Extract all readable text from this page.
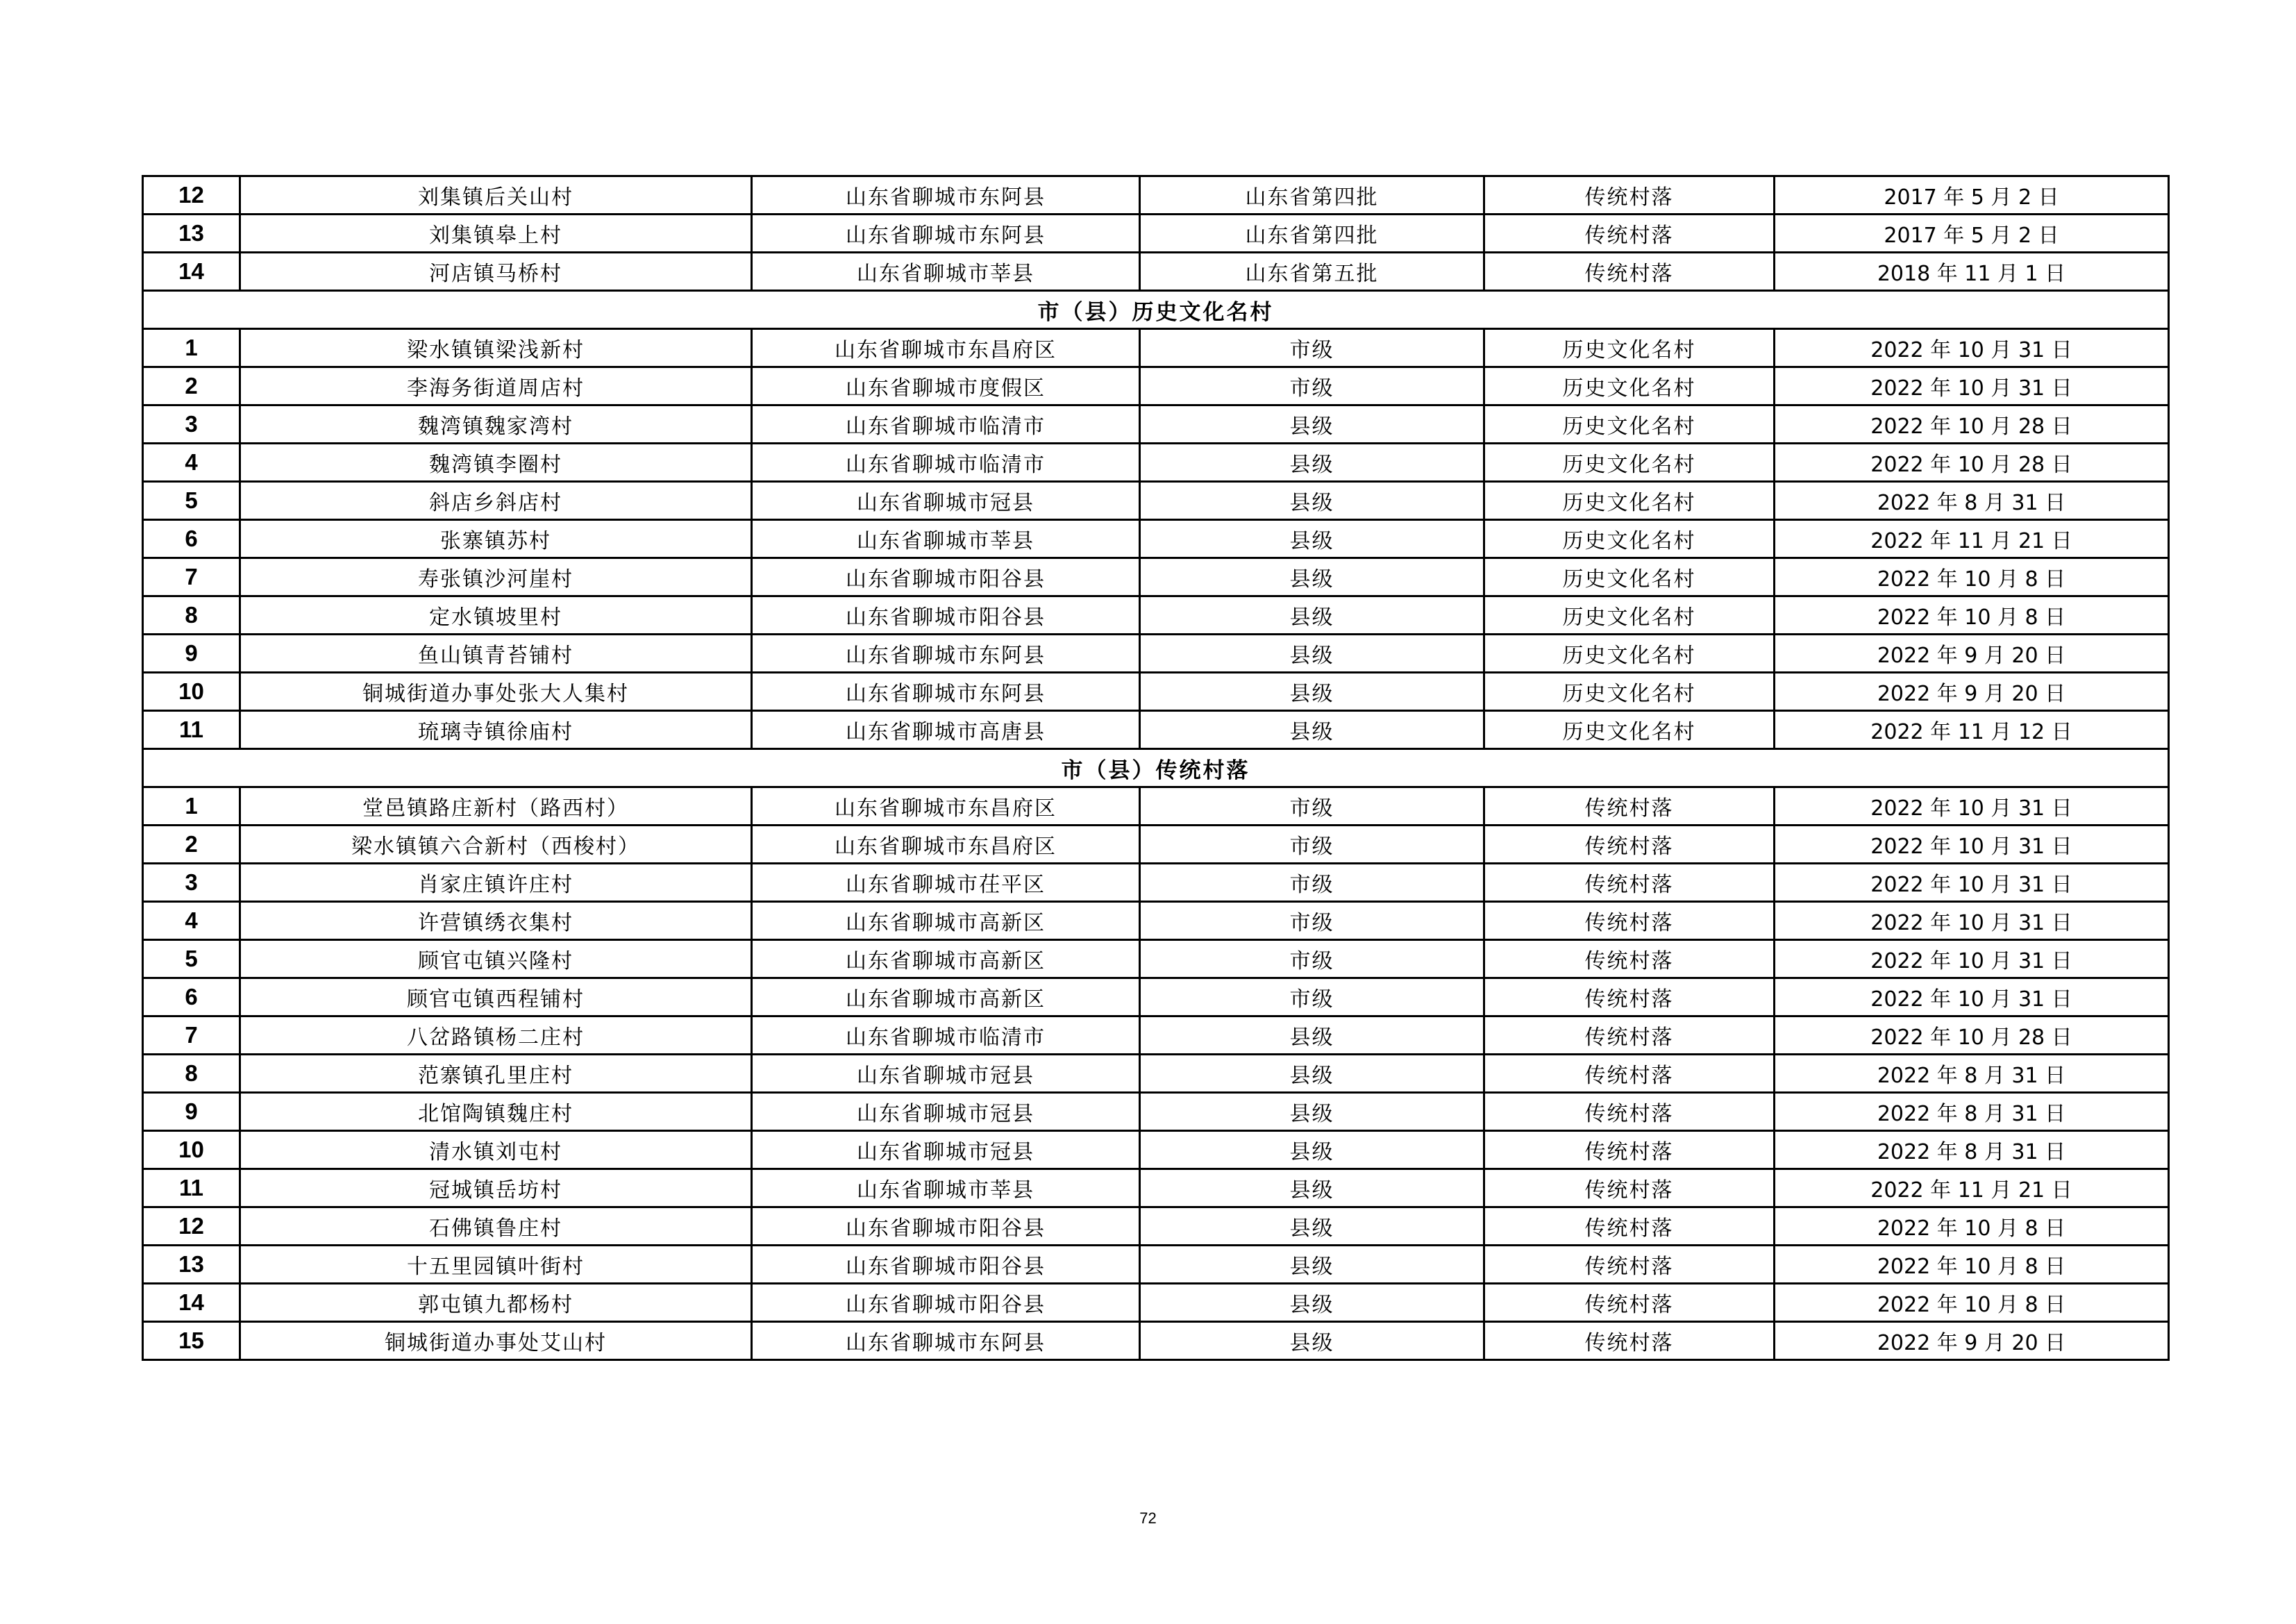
12	刘集镇后关山村	山东省聊城市东阿县	山东省第四批	传统村落	2017 年 5 月 2 日
13	刘集镇皋上村	山东省聊城市东阿县	山东省第四批	传统村落	2017 年 5 月 2 日
14	河店镇马桥村	山东省聊城市莘县	山东省第五批	传统村落	2018 年 11 月 1 日
市（县）历史文化名村					
1	梁水镇镇梁浅新村	山东省聊城市东昌府区	市级	历史文化名村	2022 年 10 月 31 日
2	李海务街道周店村	山东省聊城市度假区	市级	历史文化名村	2022 年 10 月 31 日
3	魏湾镇魏家湾村	山东省聊城市临清市	县级	历史文化名村	2022 年 10 月 28 日
4	魏湾镇李圈村	山东省聊城市临清市	县级	历史文化名村	2022 年 10 月 28 日
5	斜店乡斜店村	山东省聊城市冠县	县级	历史文化名村	2022 年 8 月 31 日
6	张寨镇苏村	山东省聊城市莘县	县级	历史文化名村	2022 年 11 月 21 日
7	寿张镇沙河崖村	山东省聊城市阳谷县	县级	历史文化名村	2022 年 10 月 8 日
8	定水镇坡里村	山东省聊城市阳谷县	县级	历史文化名村	2022 年 10 月 8 日
9	鱼山镇青苔铺村	山东省聊城市东阿县	县级	历史文化名村	2022 年 9 月 20 日
10	铜城街道办事处张大人集村	山东省聊城市东阿县	县级	历史文化名村	2022 年 9 月 20 日
11	琉璃寺镇徐庙村	山东省聊城市高唐县	县级	历史文化名村	2022 年 11 月 12 日
市（县）传统村落					
1	堂邑镇路庄新村（路西村）	山东省聊城市东昌府区	市级	传统村落	2022 年 10 月 31 日
2	梁水镇镇六合新村（西梭村）	山东省聊城市东昌府区	市级	传统村落	2022 年 10 月 31 日
3	肖家庄镇许庄村	山东省聊城市茌平区	市级	传统村落	2022 年 10 月 31 日
4	许营镇绣衣集村	山东省聊城市高新区	市级	传统村落	2022 年 10 月 31 日
5	顾官屯镇兴隆村	山东省聊城市高新区	市级	传统村落	2022 年 10 月 31 日
6	顾官屯镇西程铺村	山东省聊城市高新区	市级	传统村落	2022 年 10 月 31 日
7	八岔路镇杨二庄村	山东省聊城市临清市	县级	传统村落	2022 年 10 月 28 日
8	范寨镇孔里庄村	山东省聊城市冠县	县级	传统村落	2022 年 8 月 31 日
9	北馆陶镇魏庄村	山东省聊城市冠县	县级	传统村落	2022 年 8 月 31 日
10	清水镇刘屯村	山东省聊城市冠县	县级	传统村落	2022 年 8 月 31 日
11	冠城镇岳坊村	山东省聊城市莘县	县级	传统村落	2022 年 11 月 21 日
12	石佛镇鲁庄村	山东省聊城市阳谷县	县级	传统村落	2022 年 10 月 8 日
13	十五里园镇叶街村	山东省聊城市阳谷县	县级	传统村落	2022 年 10 月 8 日
14	郭屯镇九都杨村	山东省聊城市阳谷县	县级	传统村落	2022 年 10 月 8 日
15	铜城街道办事处艾山村	山东省聊城市东阿县	县级	传统村落	2022 年 9 月 20 日
72
